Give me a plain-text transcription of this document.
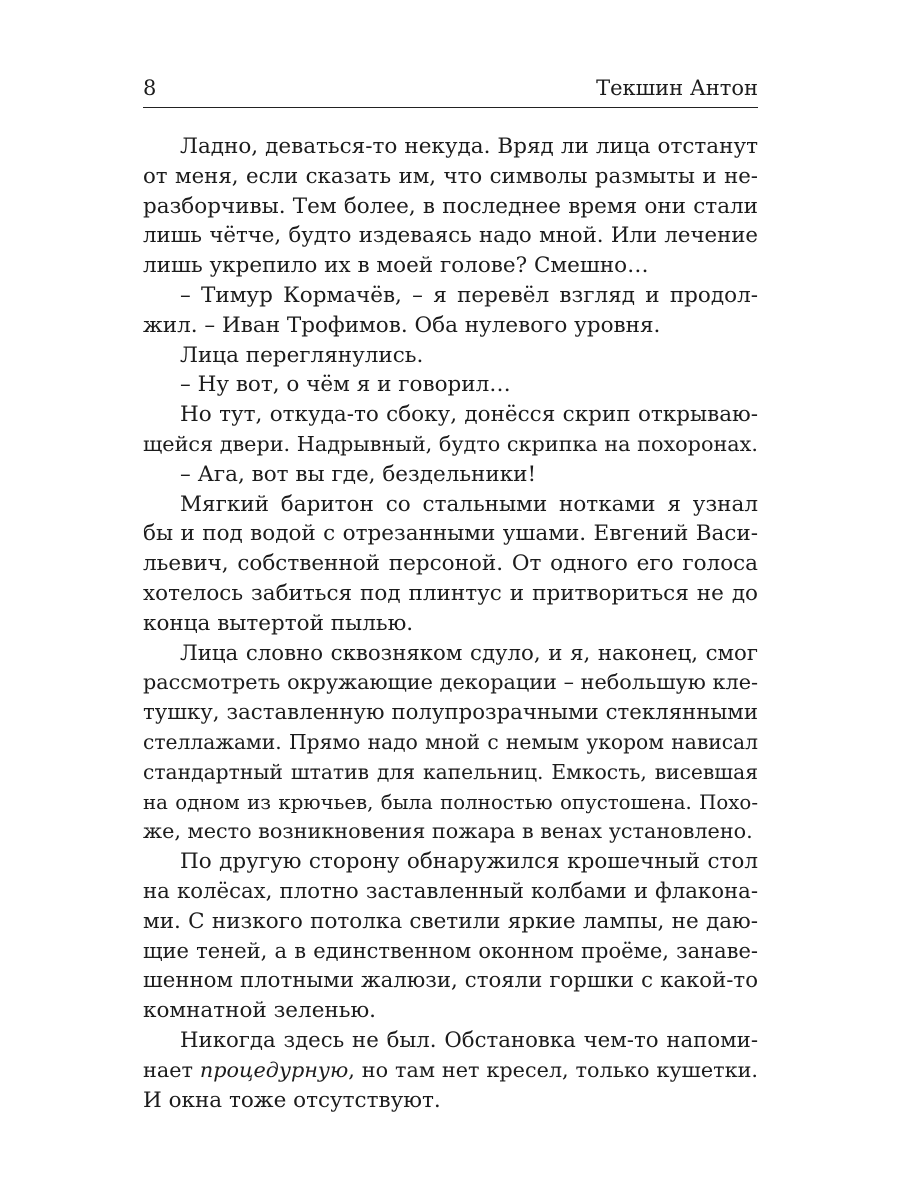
8	Текшин Антон
Ладно, деваться-то некуда. Вряд ли лица отстанут
от меня, если сказать им, что символы размыты и не-
разборчивы. Тем более, в последнее время они стали
лишь чётче, будто издеваясь надо мной. Или лечение
лишь укрепило их в моей голове? Смешно…
– Тимур Кормачёв, – я перевёл взгляд и продол-
жил. – Иван Трофимов. Оба нулевого уровня.
Лица переглянулись.
– Ну вот, о чём я и говорил…
Но тут, откуда-то сбоку, донёсся скрип открываю-
щейся двери. Надрывный, будто скрипка на похоронах.
– Ага, вот вы где, бездельники!
Мягкий баритон со стальными нотками я узнал
бы и под водой с отрезанными ушами. Евгений Васи-
льевич, собственной персоной. От одного его голоса
хотелось забиться под плинтус и притвориться не до
конца вытертой пылью.
Лица словно сквозняком сдуло, и я, наконец, смог
рассмотреть окружающие декорации – небольшую кле-
тушку, заставленную полупрозрачными стеклянными
стеллажами. Прямо надо мной с немым укором нависал
стандартный штатив для капельниц. Емкость, висевшая
на одном из крючьев, была полностью опустошена. Похо-
же, место возникновения пожара в венах установлено.
По другую сторону обнаружился крошечный стол
на колёсах, плотно заставленный колбами и флакона-
ми. С низкого потолка светили яркие лампы, не даю-
щие теней, а в единственном оконном проёме, занаве-
шенном плотными жалюзи, стояли горшки с какой-то
комнатной зеленью.
Никогда здесь не был. Обстановка чем-то напоми-
нает процедурную, но там нет кресел, только кушетки.
И окна тоже отсутствуют.
